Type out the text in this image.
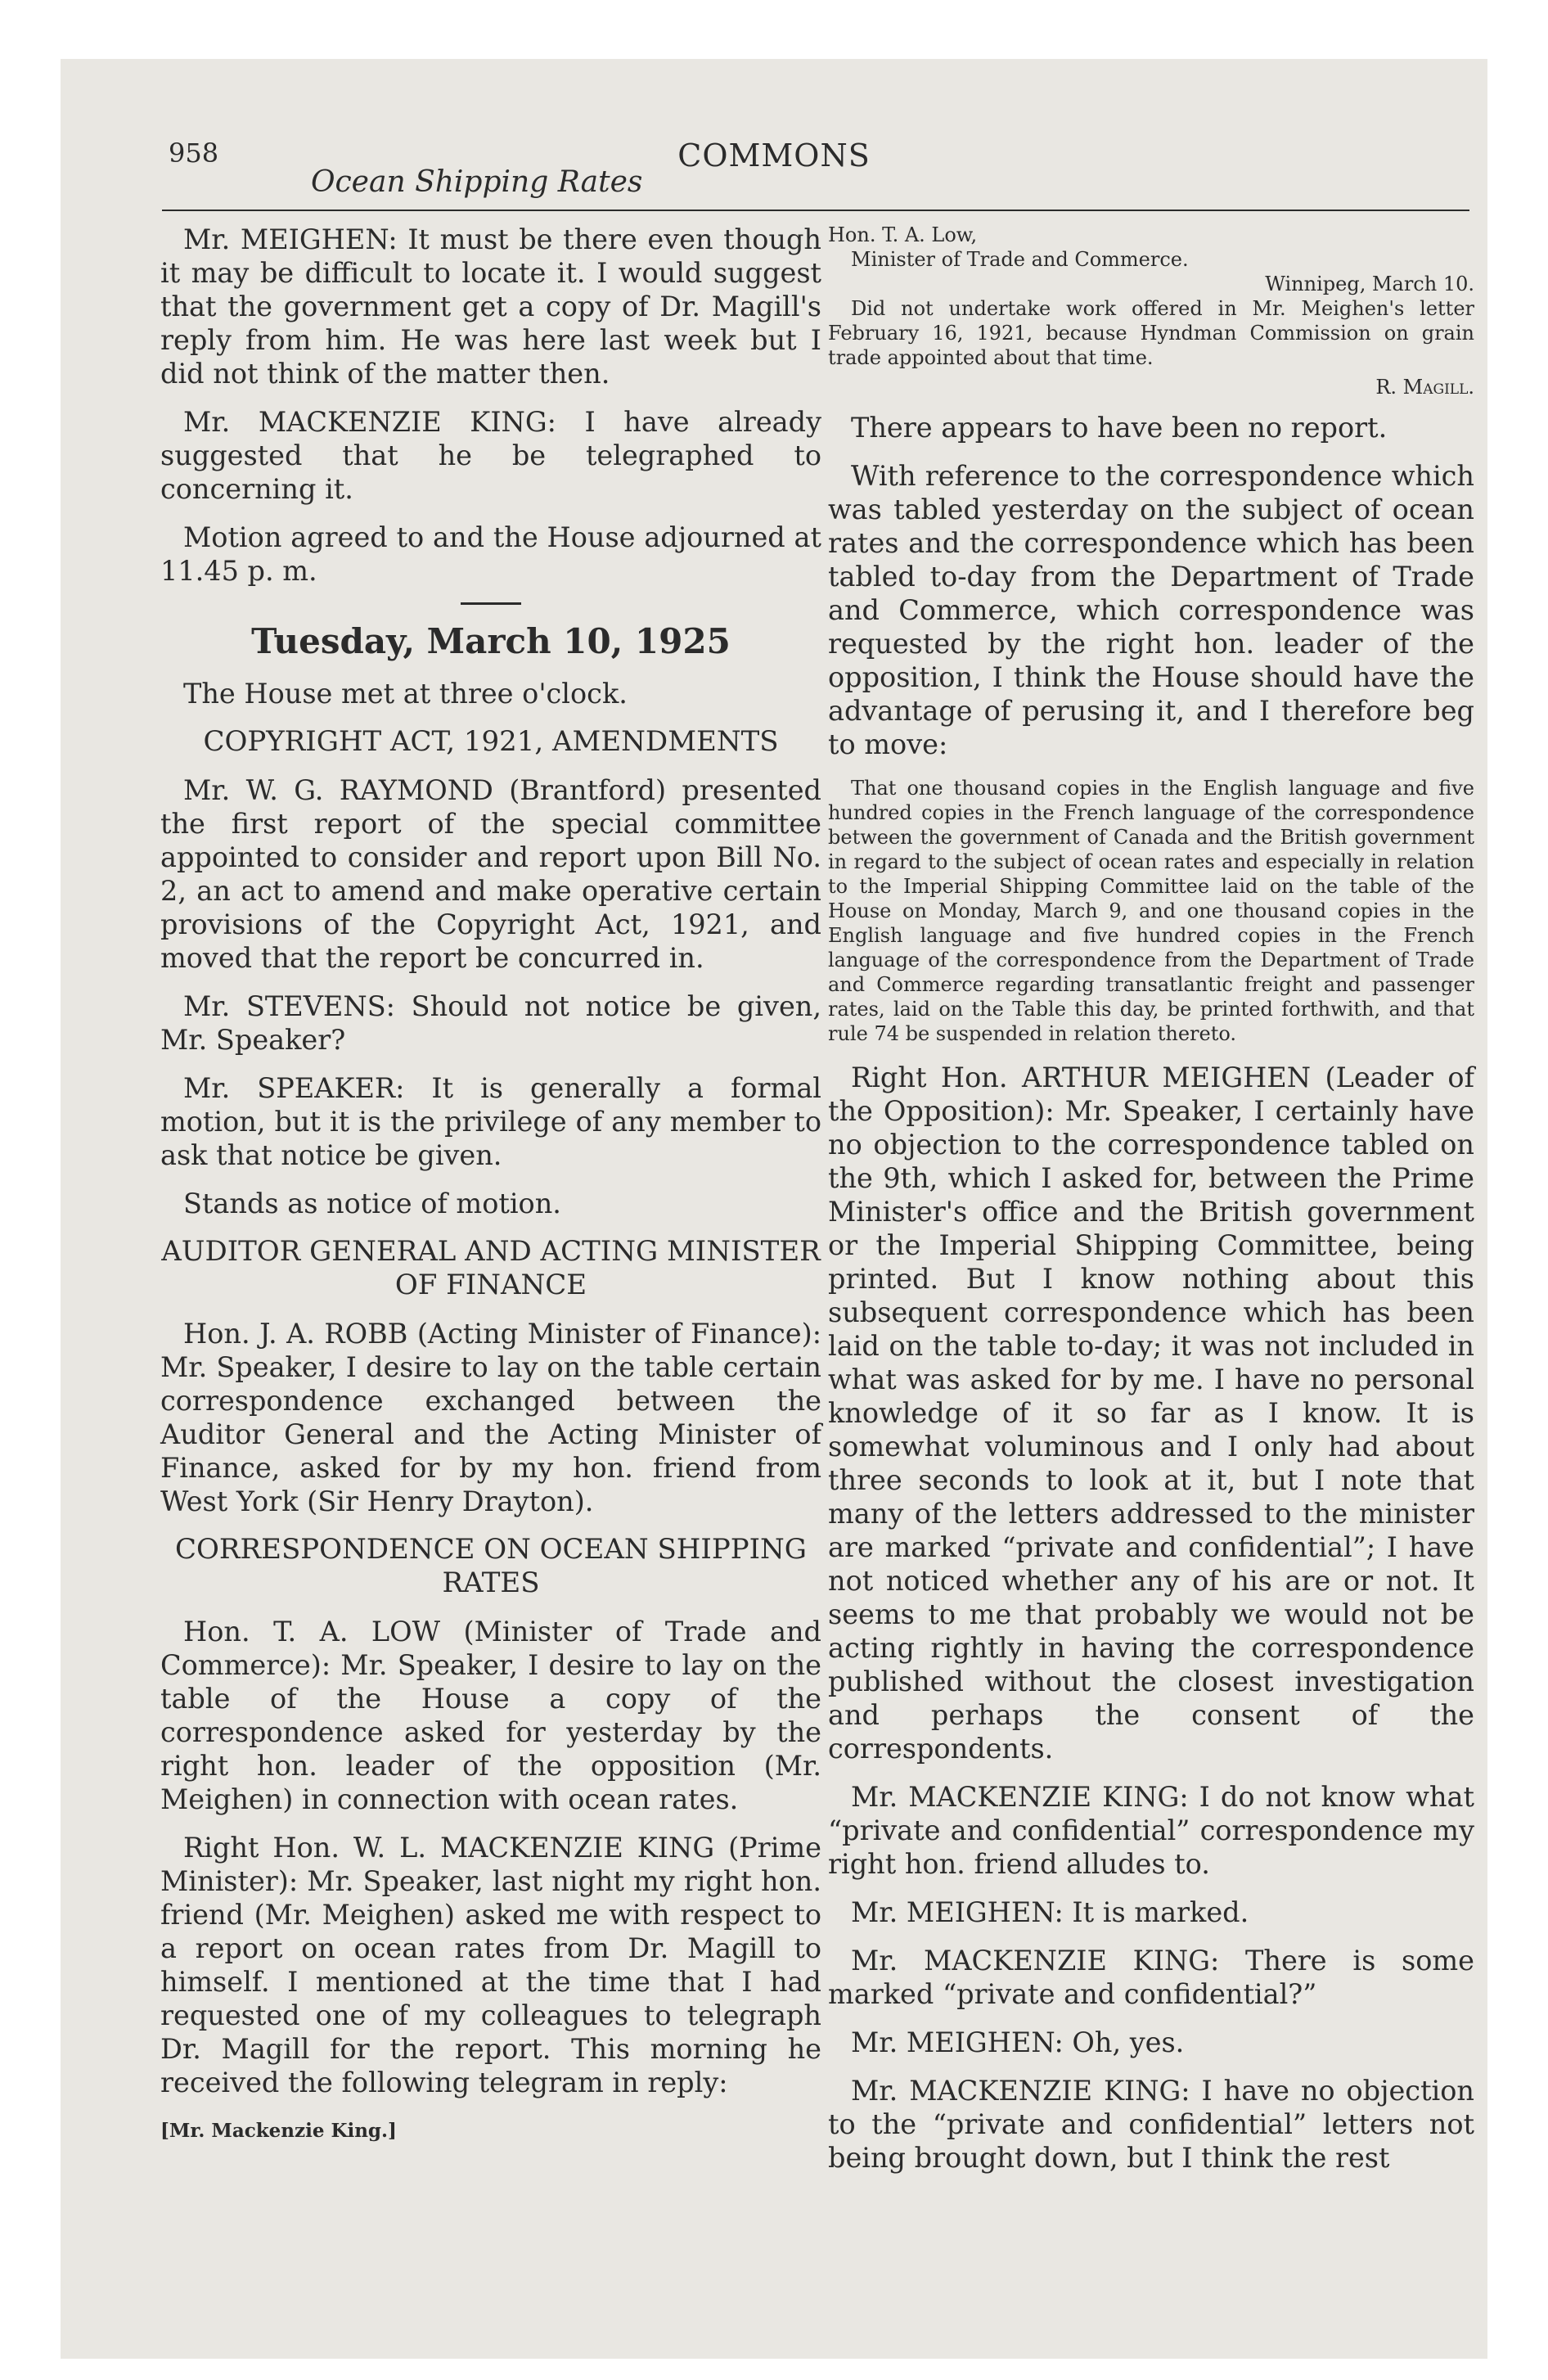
958	COMMONS
Ocean Shipping Rates

Mr. MEIGHEN: It must be there even though it may be difficult to locate it. I would suggest that the government get a copy of Dr. Magill's reply from him. He was here last week but I did not think of the matter then.

Mr. MACKENZIE KING: I have already suggested that he be telegraphed to concerning it.

Motion agreed to and the House adjourned at 11.45 p. m.

Tuesday, March 10, 1925

The House met at three o'clock.

COPYRIGHT ACT, 1921, AMENDMENTS

Mr. W. G. RAYMOND (Brantford) presented the first report of the special committee appointed to consider and report upon Bill No. 2, an act to amend and make operative certain provisions of the Copyright Act, 1921, and moved that the report be concurred in.

Mr. STEVENS: Should not notice be given, Mr. Speaker?

Mr. SPEAKER: It is generally a formal motion, but it is the privilege of any member to ask that notice be given.

Stands as notice of motion.

AUDITOR GENERAL AND ACTING MINISTER OF FINANCE

Hon. J. A. ROBB (Acting Minister of Finance): Mr. Speaker, I desire to lay on the table certain correspondence exchanged between the Auditor General and the Acting Minister of Finance, asked for by my hon. friend from West York (Sir Henry Drayton).

CORRESPONDENCE ON OCEAN SHIPPING RATES

Hon. T. A. LOW (Minister of Trade and Commerce): Mr. Speaker, I desire to lay on the table of the House a copy of the correspondence asked for yesterday by the right hon. leader of the opposition (Mr. Meighen) in connection with ocean rates.

Right Hon. W. L. MACKENZIE KING (Prime Minister): Mr. Speaker, last night my right hon. friend (Mr. Meighen) asked me with respect to a report on ocean rates from Dr. Magill to himself. I mentioned at the time that I had requested one of my colleagues to telegraph Dr. Magill for the report. This morning he received the following telegram in reply:

[Mr. Mackenzie King.]
Hon. T. A. Low,
Minister of Trade and Commerce.
Winnipeg, March 10.

Did not undertake work offered in Mr. Meighen's letter February 16, 1921, because Hyndman Commission on grain trade appointed about that time.

R. Magill.

There appears to have been no report.

With reference to the correspondence which was tabled yesterday on the subject of ocean rates and the correspondence which has been tabled to-day from the Department of Trade and Commerce, which correspondence was requested by the right hon. leader of the opposition, I think the House should have the advantage of perusing it, and I therefore beg to move:

That one thousand copies in the English language and five hundred copies in the French language of the correspondence between the government of Canada and the British government in regard to the subject of ocean rates and especially in relation to the Imperial Shipping Committee laid on the table of the House on Monday, March 9, and one thousand copies in the English language and five hundred copies in the French language of the correspondence from the Department of Trade and Commerce regarding transatlantic freight and passenger rates, laid on the Table this day, be printed forthwith, and that rule 74 be suspended in relation thereto.

Right Hon. ARTHUR MEIGHEN (Leader of the Opposition): Mr. Speaker, I certainly have no objection to the correspondence tabled on the 9th, which I asked for, between the Prime Minister's office and the British government or the Imperial Shipping Committee, being printed. But I know nothing about this subsequent correspondence which has been laid on the table to-day; it was not included in what was asked for by me. I have no personal knowledge of it so far as I know. It is somewhat voluminous and I only had about three seconds to look at it, but I note that many of the letters addressed to the minister are marked “private and confidential”; I have not noticed whether any of his are or not. It seems to me that probably we would not be acting rightly in having the correspondence published without the closest investigation and perhaps the consent of the correspondents.

Mr. MACKENZIE KING: I do not know what “private and confidential” correspondence my right hon. friend alludes to.

Mr. MEIGHEN: It is marked.

Mr. MACKENZIE KING: There is some marked “private and confidential?”

Mr. MEIGHEN: Oh, yes.

Mr. MACKENZIE KING: I have no objection to the “private and confidential” letters not being brought down, but I think the rest
